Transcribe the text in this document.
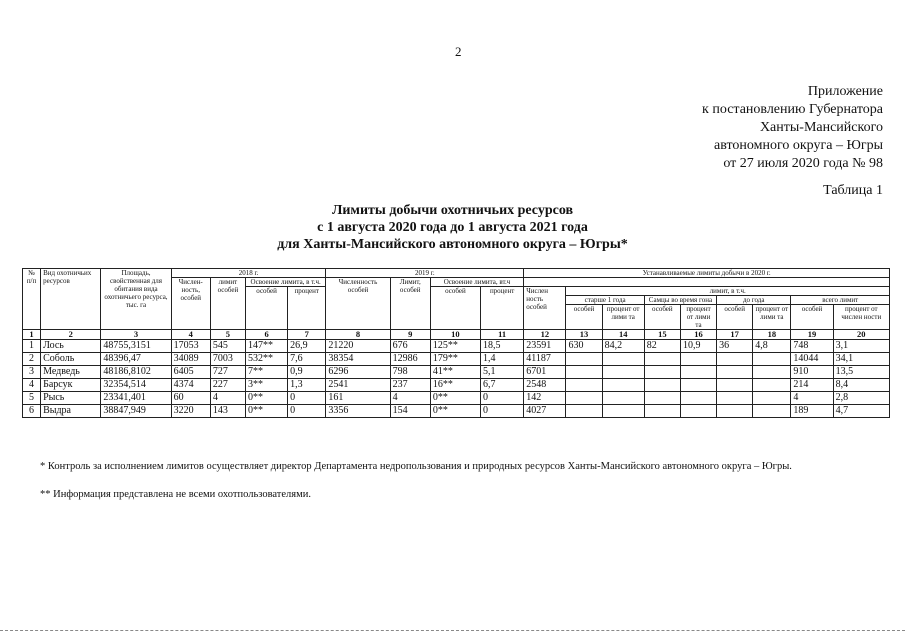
2
Приложение
к постановлению Губернатора
Ханты-Мансийского
автономного округа – Югры
от 27 июля 2020 года № 98
Таблица 1
Лимиты добычи охотничьих ресурсов
с 1 августа 2020 года до 1 августа 2021 года
для Ханты-Мансийского автономного округа – Югры*
№ п/п	Вид охотничьих ресурсов	Площадь, свойственная для обитания вида охотничьего ресурса, тыс. га	2018 г.				2019 г.				Устанавливаемые лимиты добычи в 2020 г.								
			Числен-ность, особей	лимит особей	Освоение лимита, в т.ч.		Численность особей	Лимит, особей	Освоение лимита, вт.ч										
					особей	процент			особей	процент	Числен ность особей	лимит, в т.ч.							
												старше 1 года		Самцы во время гона		до года		всего лимит	
												особей	процент от лими та	особей	процент от лими та	особей	процент от лими та	особей	процент от числен ности
1	2	3	4	5	6	7	8	9	10	11	12	13	14	15	16	17	18	19	20
1	Лось	48755,3151	17053	545	147**	26,9	21220	676	125**	18,5	23591	630	84,2	82	10,9	36	4,8	748	3,1
2	Соболь	48396,47	34089	7003	532**	7,6	38354	12986	179**	1,4	41187							14044	34,1
3	Медведь	48186,8102	6405	727	7**	0,9	6296	798	41**	5,1	6701							910	13,5
4	Барсук	32354,514	4374	227	3**	1,3	2541	237	16**	6,7	2548							214	8,4
5	Рысь	23341,401	60	4	0**	0	161	4	0**	0	142							4	2,8
6	Выдра	38847,949	3220	143	0**	0	3356	154	0**	0	4027							189	4,7
* Контроль за исполнением лимитов осуществляет директор Департамента недропользования и природных ресурсов Ханты-Мансийского автономного округа – Югры.
** Информация представлена не всеми охотпользователями.
